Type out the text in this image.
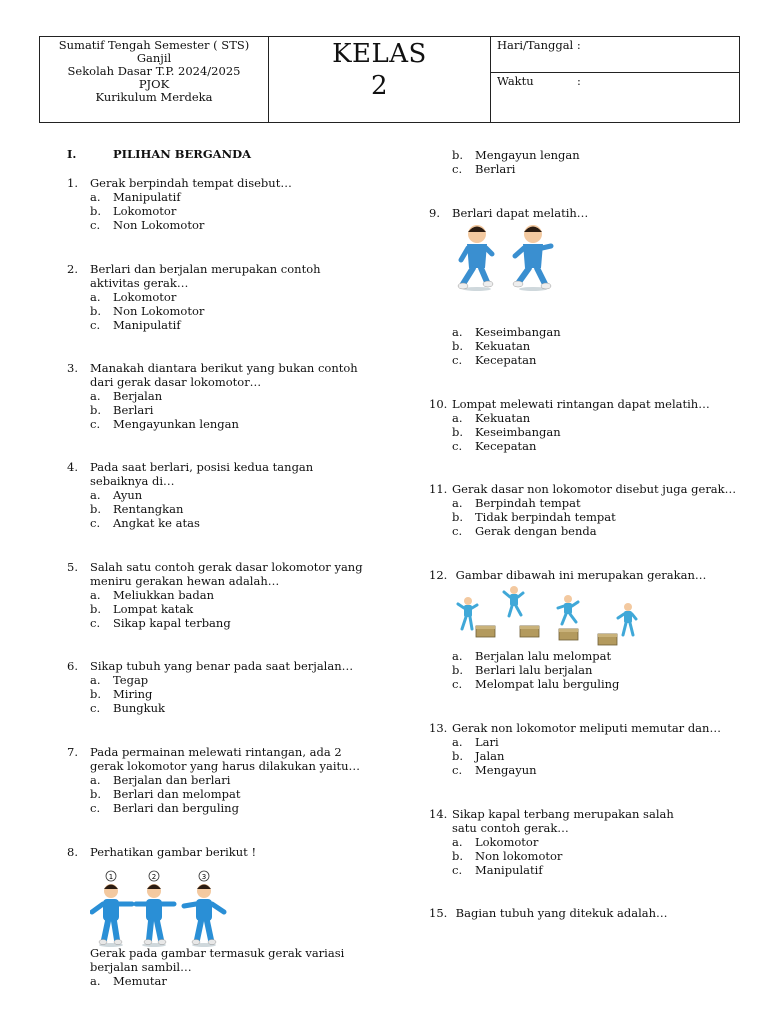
Sumatif Tengah Semester ( STS)
Ganjil
Sekolah Dasar T.P. 2024/2025
PJOK
Kurikulum Merdeka
KELAS
2
Hari/Tanggal :
Waktu	:
I.	PILIHAN BERGANDA
1.	Gerak berpindah tempat disebut…
a.	Manipulatif
b.	Lokomotor
c.	Non Lokomotor
2.	Berlari dan berjalan merupakan contoh aktivitas gerak…
a.	Lokomotor
b.	Non Lokomotor
c.	Manipulatif
3.	Manakah diantara berikut yang bukan contoh dari gerak dasar lokomotor…
a.	Berjalan
b.	Berlari
c.	Mengayunkan lengan
4.	Pada saat berlari, posisi kedua tangan sebaiknya di…
a.	Ayun
b.	Rentangkan
c.	Angkat ke atas
5.	Salah satu contoh gerak dasar lokomotor yang meniru gerakan hewan adalah…
a.	Meliukkan badan
b.	Lompat katak
c.	Sikap kapal terbang
6.	Sikap tubuh yang benar pada saat berjalan…
a.	Tegap
b.	Miring
c.	Bungkuk
7.	Pada permainan melewati rintangan, ada 2 gerak lokomotor yang harus dilakukan yaitu…
a.	Berjalan dan berlari
b.	Berlari dan melompat
c.	Berlari dan berguling
8.	Perhatikan gambar berikut !
1	2	3
Gerak pada gambar termasuk gerak variasi berjalan sambil…
a.	Memutar
b.	Mengayun lengan
c.	Berlari
9.	Berlari dapat melatih…
a.	Keseimbangan
b.	Kekuatan
c.	Kecepatan
10. Lompat melewati rintangan dapat melatih…
a.	Kekuatan
b.	Keseimbangan
c.	Kecepatan
11. Gerak dasar non lokomotor disebut juga gerak…
a.	Berpindah tempat
b.	Tidak berpindah tempat
c.	Gerak dengan benda
12. Gambar dibawah ini merupakan gerakan…
a.	Berjalan lalu melompat
b.	Berlari lalu berjalan
c.	Melompat lalu berguling
13. Gerak non lokomotor meliputi memutar dan…
a.	Lari
b.	Jalan
c.	Mengayun
14. Sikap kapal terbang merupakan salah satu contoh gerak…
a.	Lokomotor
b.	Non lokomotor
c.	Manipulatif
15. Bagian tubuh yang ditekuk adalah…
